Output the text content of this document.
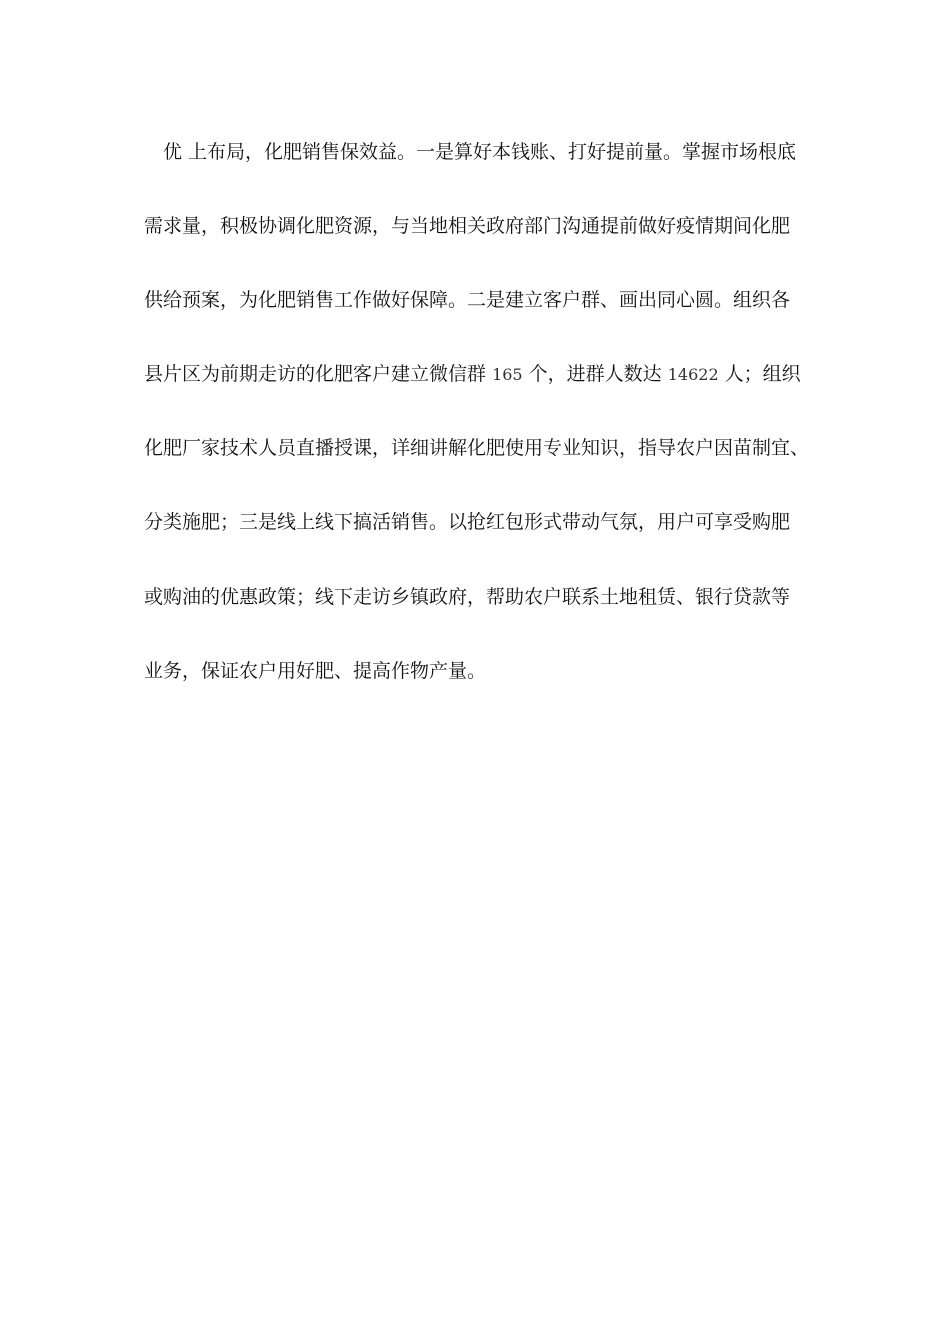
优 上布局，化肥销售保效益。一是算好本钱账、打好提前量。掌握市场根底
需求量，积极协调化肥资源，与当地相关政府部门沟通提前做好疫情期间化肥
供给预案，为化肥销售工作做好保障。二是建立客户群、画出同心圆。组织各
县片区为前期走访的化肥客户建立微信群 165 个，进群人数达 14622 人；组织
化肥厂家技术人员直播授课，详细讲解化肥使用专业知识，指导农户因苗制宜、
分类施肥；三是线上线下搞活销售。以抢红包形式带动气氛，用户可享受购肥
或购油的优惠政策；线下走访乡镇政府，帮助农户联系土地租赁、银行贷款等
业务，保证农户用好肥、提高作物产量。
